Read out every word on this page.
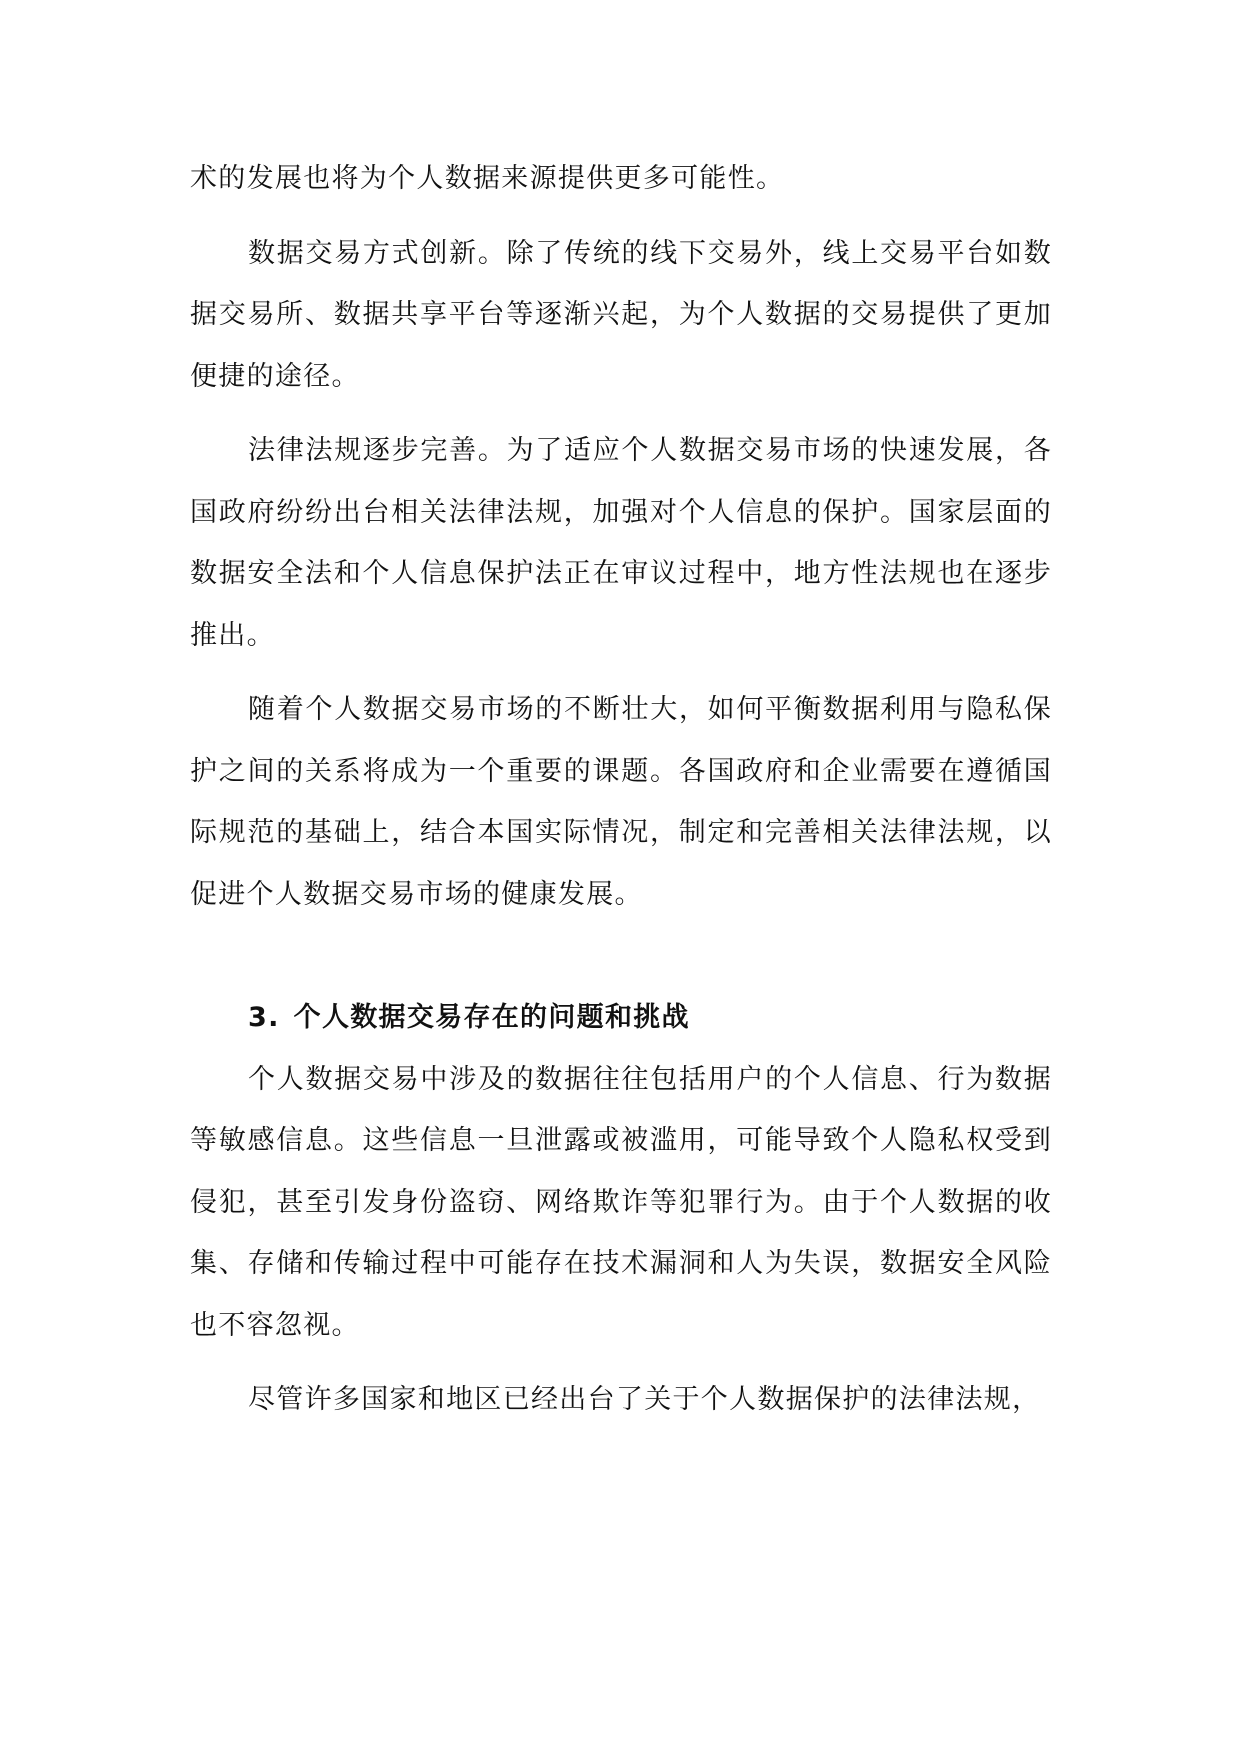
术的发展也将为个人数据来源提供更多可能性。

数据交易方式创新。除了传统的线下交易外，线上交易平台如数据交易所、数据共享平台等逐渐兴起，为个人数据的交易提供了更加便捷的途径。

法律法规逐步完善。为了适应个人数据交易市场的快速发展，各国政府纷纷出台相关法律法规，加强对个人信息的保护。国家层面的数据安全法和个人信息保护法正在审议过程中，地方性法规也在逐步推出。

随着个人数据交易市场的不断壮大，如何平衡数据利用与隐私保护之间的关系将成为一个重要的课题。各国政府和企业需要在遵循国际规范的基础上，结合本国实际情况，制定和完善相关法律法规，以促进个人数据交易市场的健康发展。

3. 个人数据交易存在的问题和挑战

个人数据交易中涉及的数据往往包括用户的个人信息、行为数据等敏感信息。这些信息一旦泄露或被滥用，可能导致个人隐私权受到侵犯，甚至引发身份盗窃、网络欺诈等犯罪行为。由于个人数据的收集、存储和传输过程中可能存在技术漏洞和人为失误，数据安全风险也不容忽视。

尽管许多国家和地区已经出台了关于个人数据保护的法律法规，
